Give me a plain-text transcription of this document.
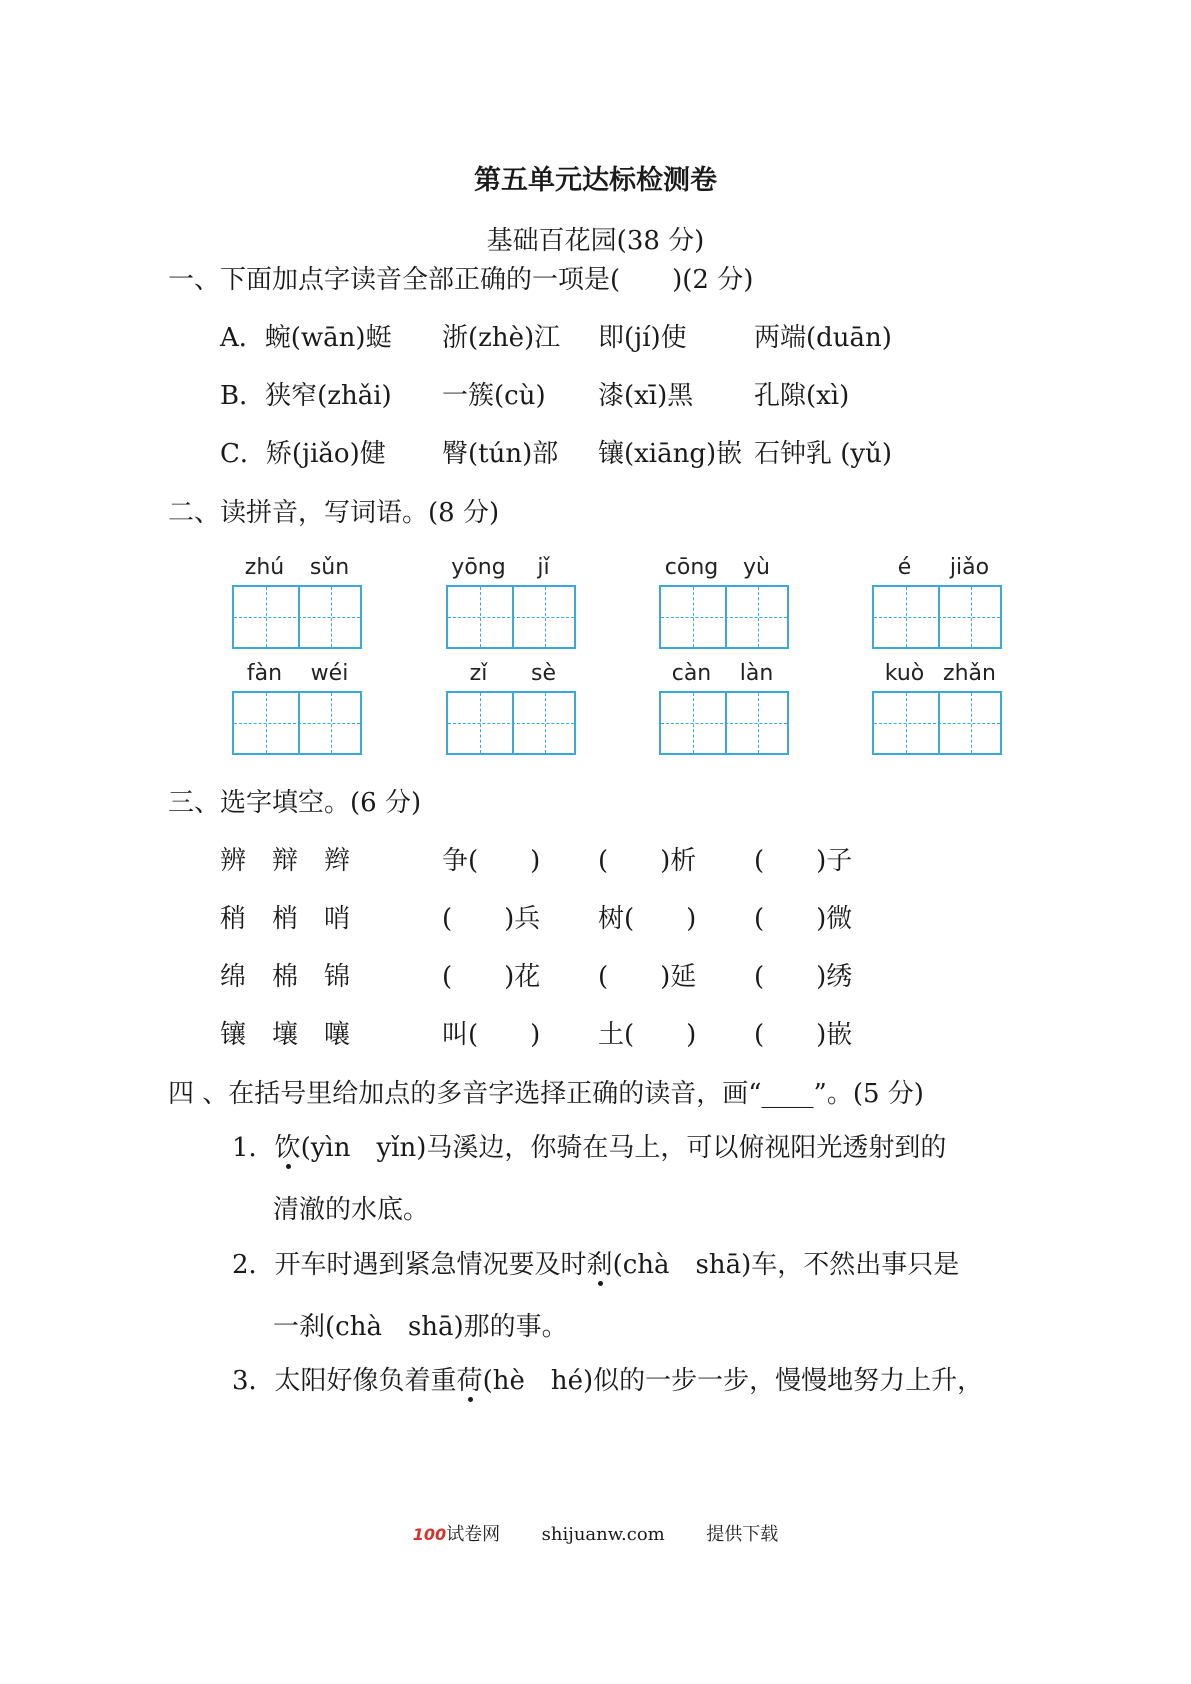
第五单元达标检测卷
基础百花园(38 分)
一、下面加点字读音全部正确的一项是(　　)(2 分)
A．蜿(wān)蜓 浙(zhè)江 即(jí)使	两端(duān)
B．狭窄(zhǎi) 一簇(cù) 漆(xī)黑 孔隙(xì)
C．矫(jiǎo)健 臀(tún)部 镶(xiāng)嵌 石钟乳 (yǔ)
二、读拼音，写词语。(8 分)
zhú	sǔn	yōng	jǐ	cōng	yù	é	jiǎo
fàn	wéi	zǐ	sè	càn	làn	kuò zhǎn
三、选字填空。(6 分)
辨 辩 辫	争(　　) (　　)析 (　　)子
稍 梢 哨	(　　)兵 树(　　) (　　)微
绵 棉 锦	(　　)花 (　　)延 (　　)绣
镶 壤 嚷	叫(　　) 土(　　) (　　)嵌
四 、在括号里给加点的多音字选择正确的读音，画“____”。(5 分)
1．饮(yìn　yǐn)马溪边，你骑在马上，可以俯视阳光透射到的
清澈的水底。
2．开车时遇到紧急情况要及时刹(chà　shā)车，不然出事只是
一刹(chà　shā)那的事。
3．太阳好像负着重荷(hè　hé)似的一步一步，慢慢地努力上升，
100试卷网 shijuanw.com 提供下载
